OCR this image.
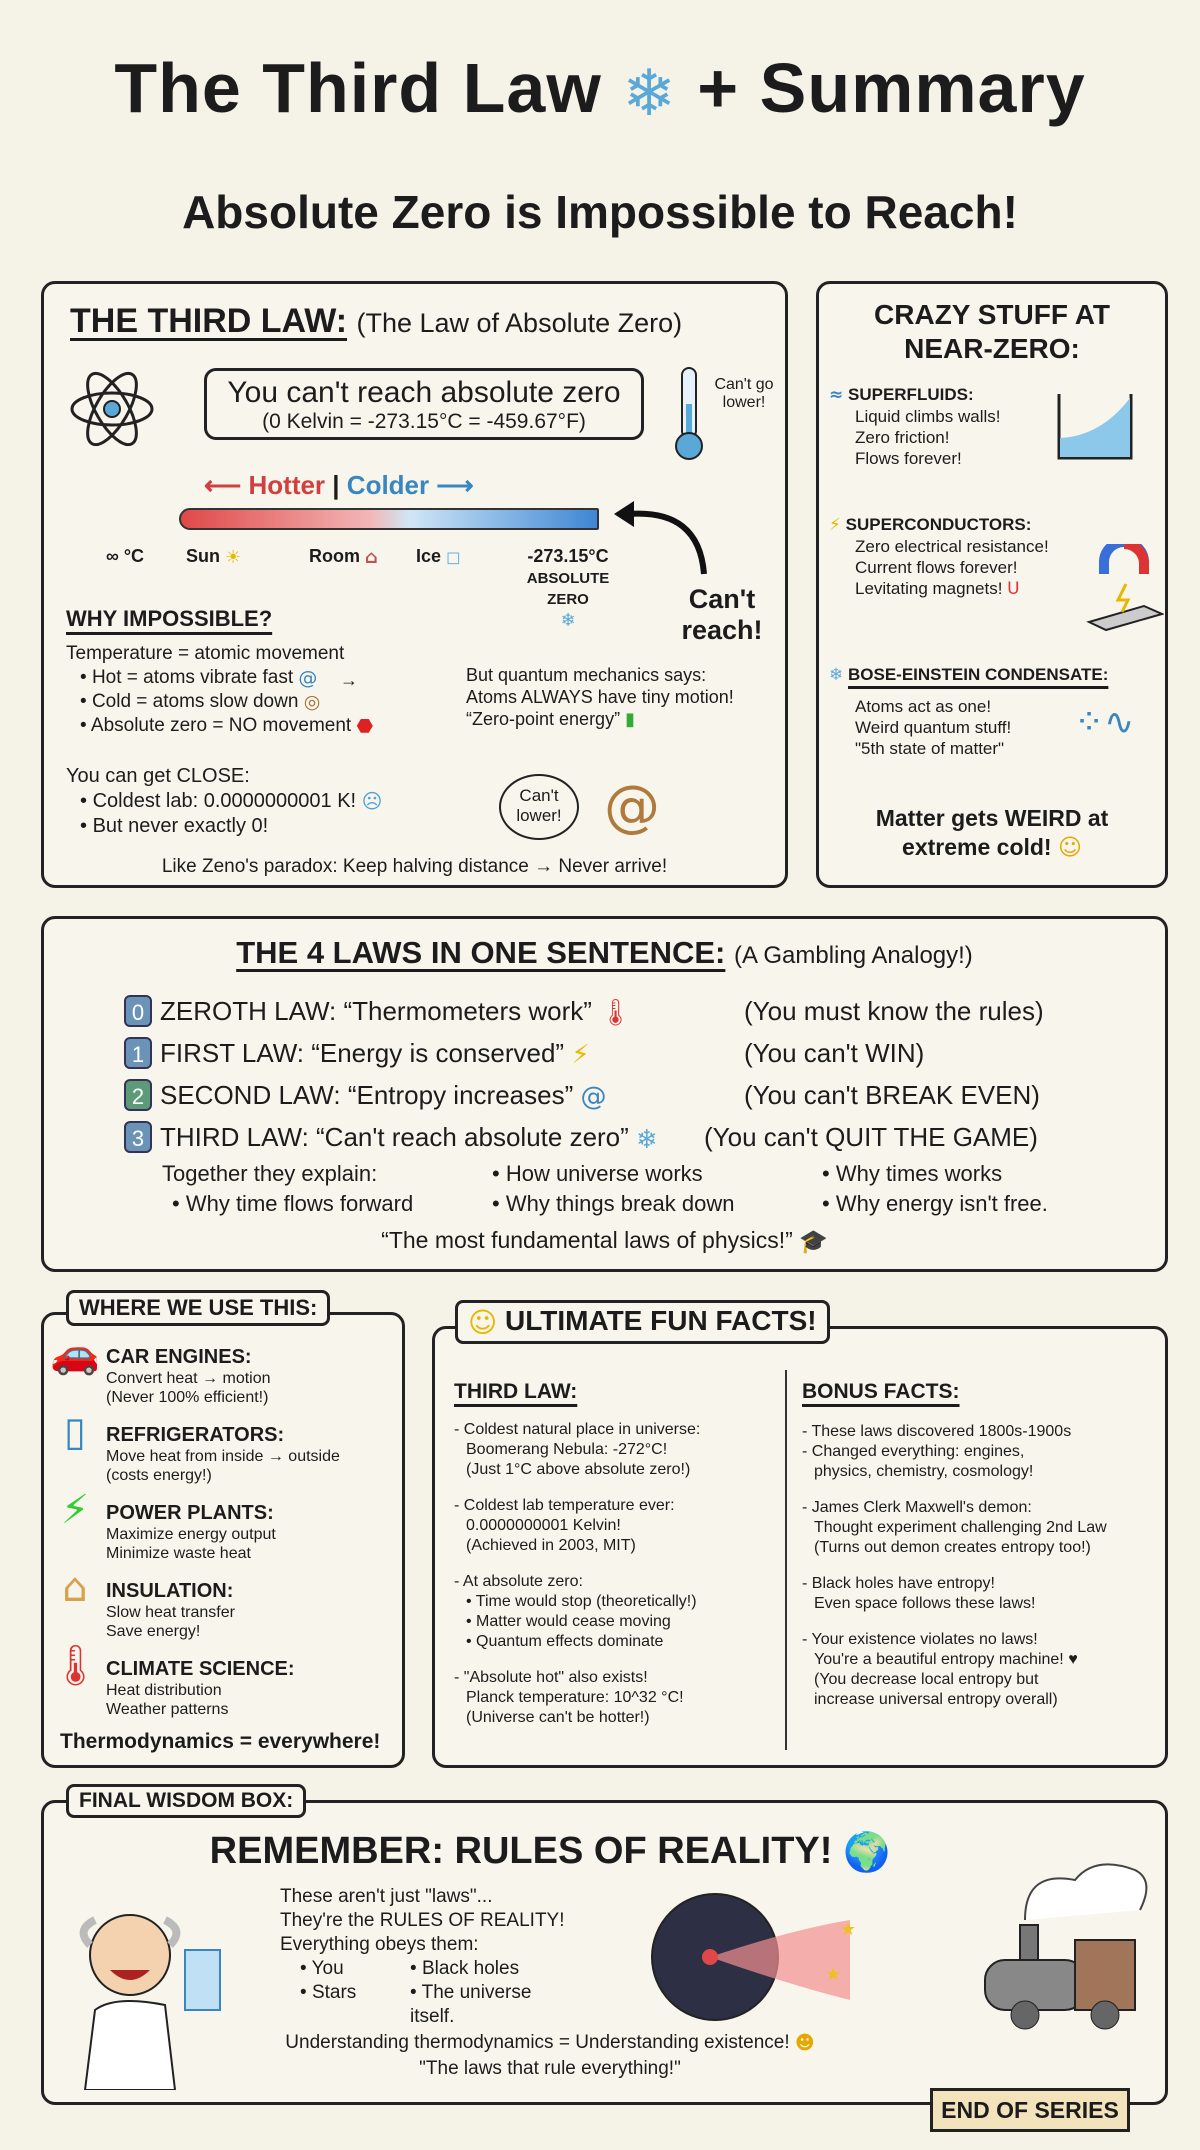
The Third Law ❄ + Summary
Absolute Zero is Impossible to Reach!
THE THIRD LAW: (The Law of Absolute Zero)
You can't reach absolute zero
(0 Kelvin = -273.15°C = -459.67°F)
Can't go lower!
⟵ Hotter | Colder ⟶
∞ °C Sun ☀	Room ⌂ Ice ◻	-273.15°C
ABSOLUTE ZERO
❄
Can't reach!
WHY IMPOSSIBLE?
Temperature = atomic movement
• Hot = atoms vibrate fast @
• Cold = atoms slow down ◎
• Absolute zero = NO movement ⬣
→	But quantum mechanics says:
Atoms ALWAYS have tiny motion!
“Zero-point energy” ▮
You can get CLOSE:
• Coldest lab: 0.0000000001 K! ☹
• But never exactly 0!
Can't lower! @
Like Zeno's paradox: Keep halving distance → Never arrive!
CRAZY STUFF AT NEAR-ZERO:
≈ SUPERFLUIDS:
Liquid climbs walls!
Zero friction!
Flows forever!
⚡ SUPERCONDUCTORS:
Zero electrical resistance!
Current flows forever!
Levitating magnets! U
❄ BOSE-EINSTEIN CONDENSATE:
Atoms act as one!
Weird quantum stuff!
"5th state of matter"
⁘∿
Matter gets WEIRD at extreme cold! ☺
THE 4 LAWS IN ONE SENTENCE: (A Gambling Analogy!)
0 ZEROTH LAW: “Thermometers work” 🌡	(You must know the rules)
1 FIRST LAW: “Energy is conserved” ⚡	(You can't WIN)
2 SECOND LAW: “Entropy increases” @	(You can't BREAK EVEN)
3 THIRD LAW: “Can't reach absolute zero” ❄ (You can't QUIT THE GAME)
Together they explain:
• Why time flows forward
• How universe works
• Why things break down
• Why times works
• Why energy isn't free.
“The most fundamental laws of physics!” 🎓
WHERE WE USE THIS:
🚗 CAR ENGINES:
Convert heat → motion
(Never 100% efficient!)
▯	REFRIGERATORS:
Move heat from inside → outside
(costs energy!)
⚡ POWER PLANTS:
Maximize energy output
Minimize waste heat
⌂ INSULATION:
Slow heat transfer
Save energy!
🌡 CLIMATE SCIENCE:
Heat distribution
Weather patterns
Thermodynamics = everywhere!
☺ ULTIMATE FUN FACTS!
THIRD LAW:	BONUS FACTS:
- Coldest natural place in universe:
Boomerang Nebula: -272°C!
(Just 1°C above absolute zero!)
- Coldest lab temperature ever:
0.0000000001 Kelvin!
(Achieved in 2003, MIT)
- At absolute zero:
• Time would stop (theoretically!)
• Matter would cease moving
• Quantum effects dominate
- "Absolute hot" also exists!
Planck temperature: 10^32 °C!
(Universe can't be hotter!)
- These laws discovered 1800s-1900s
- Changed everything: engines,
physics, chemistry, cosmology!
- James Clerk Maxwell's demon:
Thought experiment challenging 2nd Law
(Turns out demon creates entropy too!)
- Black holes have entropy!
Even space follows these laws!
- Your existence violates no laws!
You're a beautiful entropy machine! ♥
(You decrease local entropy but
increase universal entropy overall)
FINAL WISDOM BOX:
REMEMBER: RULES OF REALITY! 🌍
These aren't just "laws"...
They're the RULES OF REALITY!
Everything obeys them:
• You	• Black holes
• Stars	• The universe itself.
★
★
Understanding thermodynamics = Understanding existence! ☻
"The laws that rule everything!"
END OF SERIES
